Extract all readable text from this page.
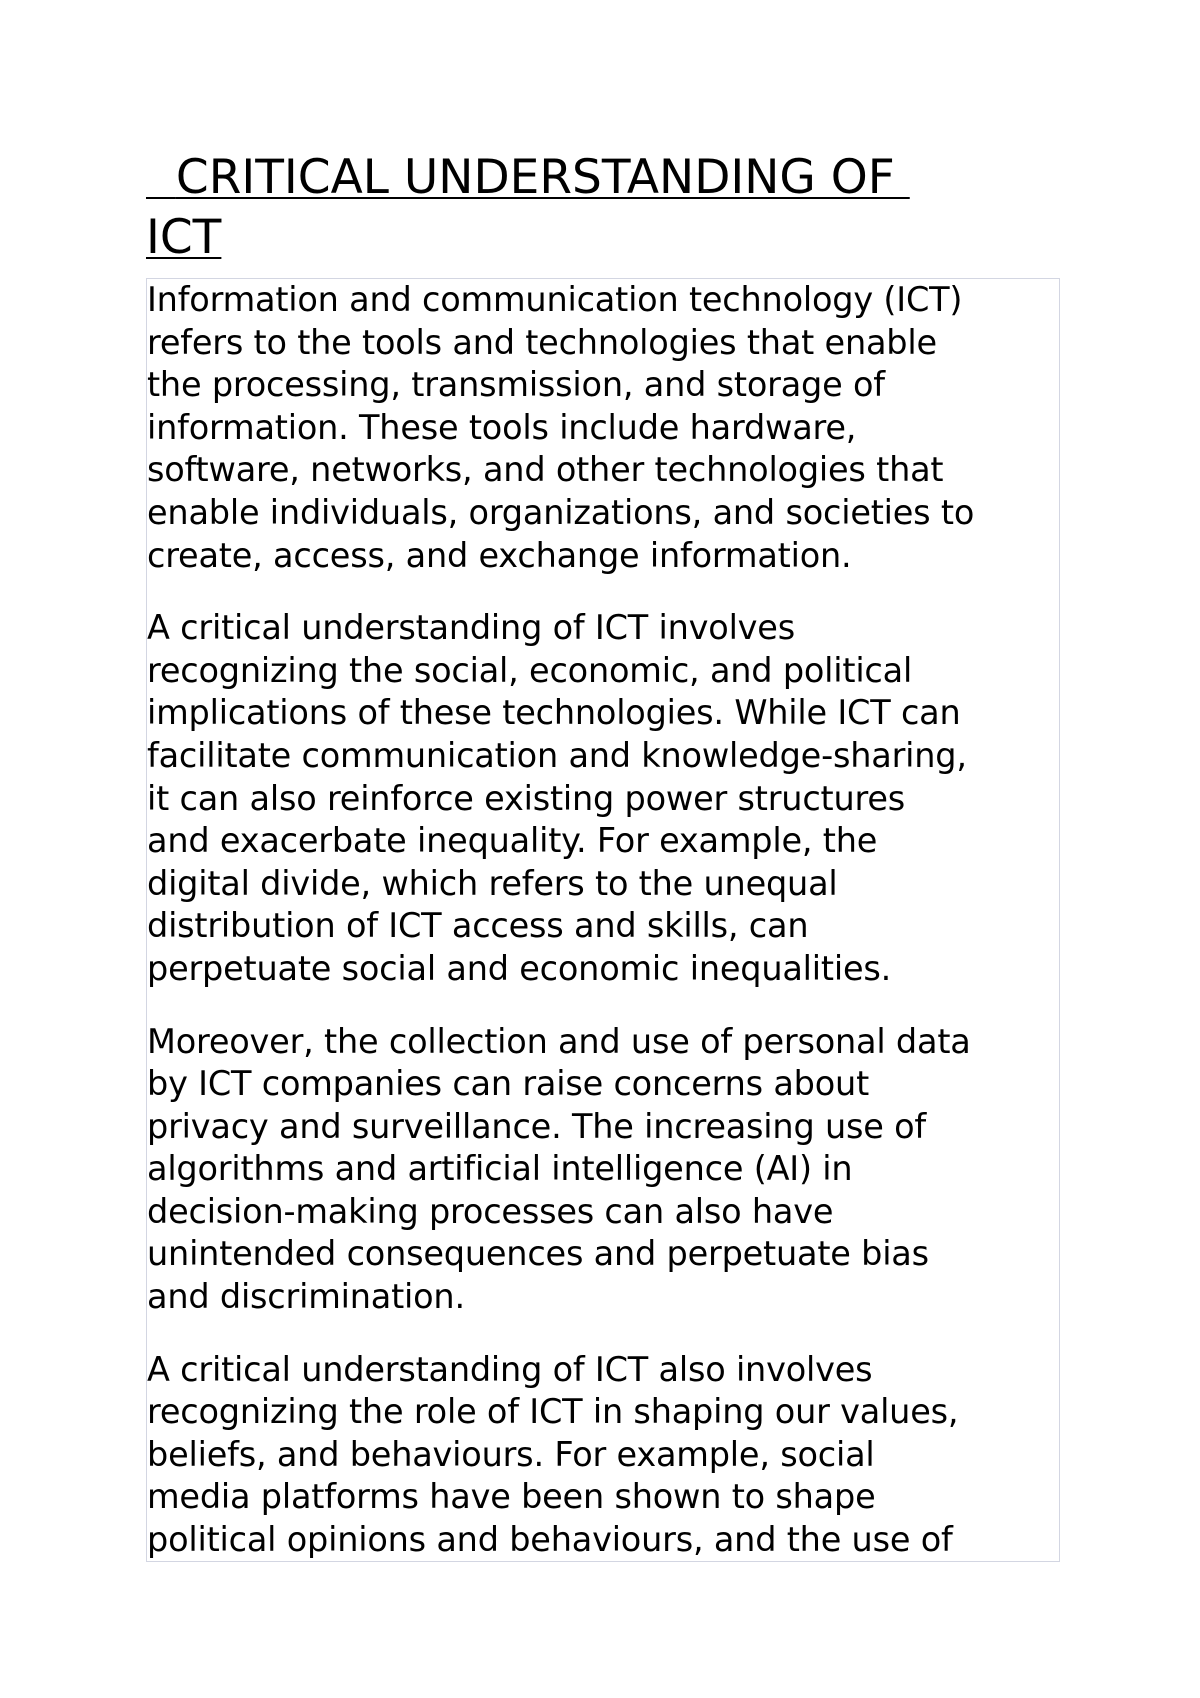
CRITICAL UNDERSTANDING OF
ICT

Information and communication technology (ICT)
refers to the tools and technologies that enable
the processing, transmission, and storage of
information. These tools include hardware,
software, networks, and other technologies that
enable individuals, organizations, and societies to
create, access, and exchange information.

A critical understanding of ICT involves
recognizing the social, economic, and political
implications of these technologies. While ICT can
facilitate communication and knowledge-sharing,
it can also reinforce existing power structures
and exacerbate inequality. For example, the
digital divide, which refers to the unequal
distribution of ICT access and skills, can
perpetuate social and economic inequalities.

Moreover, the collection and use of personal data
by ICT companies can raise concerns about
privacy and surveillance. The increasing use of
algorithms and artificial intelligence (AI) in
decision-making processes can also have
unintended consequences and perpetuate bias
and discrimination.

A critical understanding of ICT also involves
recognizing the role of ICT in shaping our values,
beliefs, and behaviours. For example, social
media platforms have been shown to shape
political opinions and behaviours, and the use of
